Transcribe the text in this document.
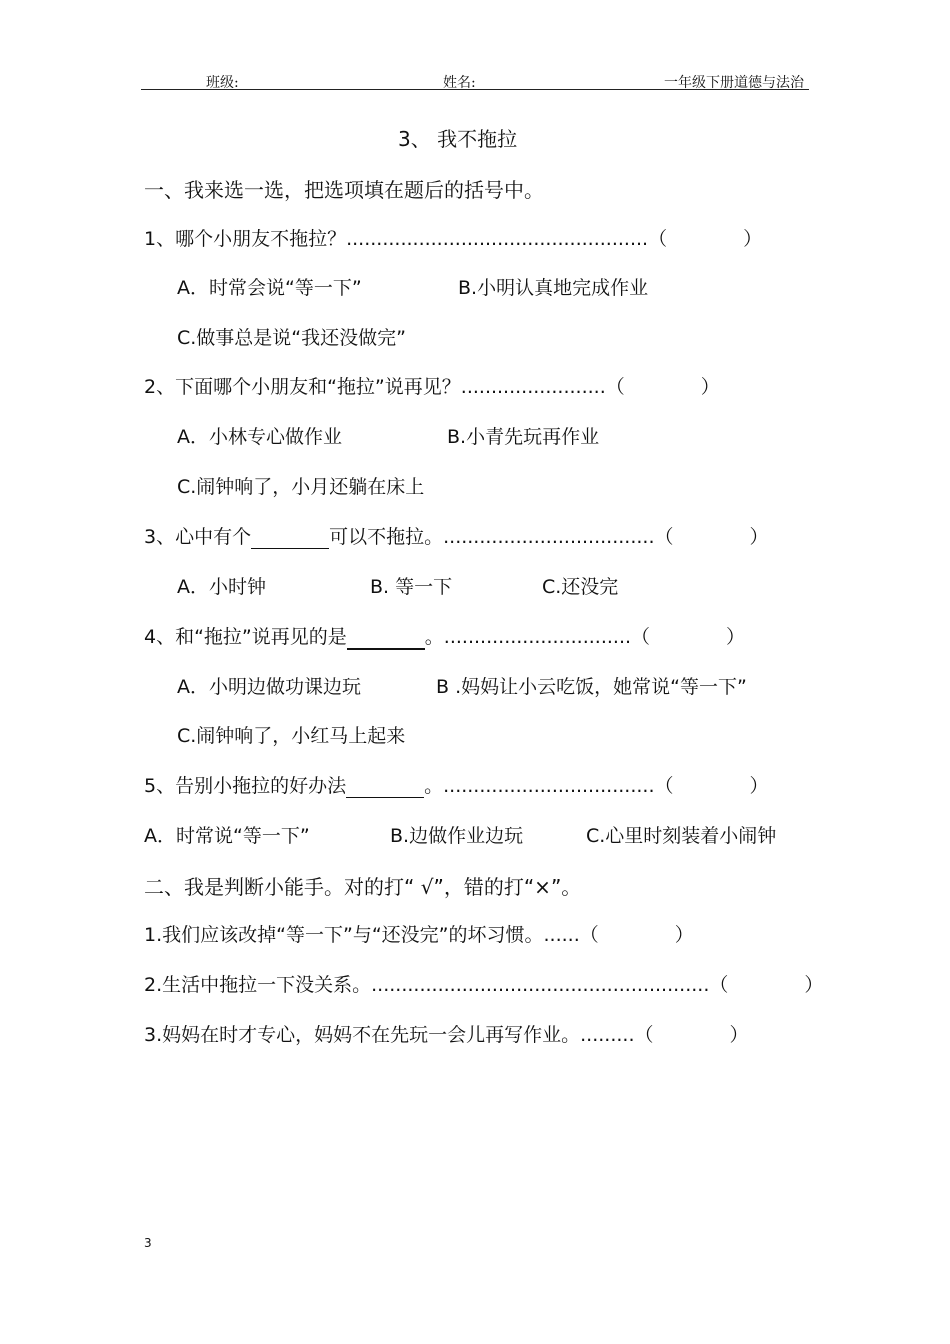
班级:	姓名:	一年级下册道德与法治
3、 我不拖拉
一、我来选一选，把选项填在题后的括号中。
1、哪个小朋友不拖拉？..................................................（　　　　）
A．时常会说“等一下”	B.小明认真地完成作业
C.做事总是说“我还没做完”
2、下面哪个小朋友和“拖拉”说再见？........................（　　　　）
A．小林专心做作业	B.小青先玩再作业
C.闹钟响了，小月还躺在床上
3、心中有个	可以不拖拉。...................................（　　　　）
A．小时钟	B. 等一下	C.还没完
4、和“拖拉”说再见的是	。...............................（　　　　）
A．小明边做功课边玩	B .妈妈让小云吃饭，她常说“等一下”
C.闹钟响了，小红马上起来
5、告别小拖拉的好办法	。...................................（　　　　）
A．时常说“等一下”	B.边做作业边玩	C.心里时刻装着小闹钟
二、我是判断小能手。对的打“ √”，错的打“×”。
1.我们应该改掉“等一下”与“还没完”的坏习惯。......（　　　　）
2.生活中拖拉一下没关系。........................................................（　　　　）
3.妈妈在时才专心，妈妈不在先玩一会儿再写作业。.........（　　　　）
3
